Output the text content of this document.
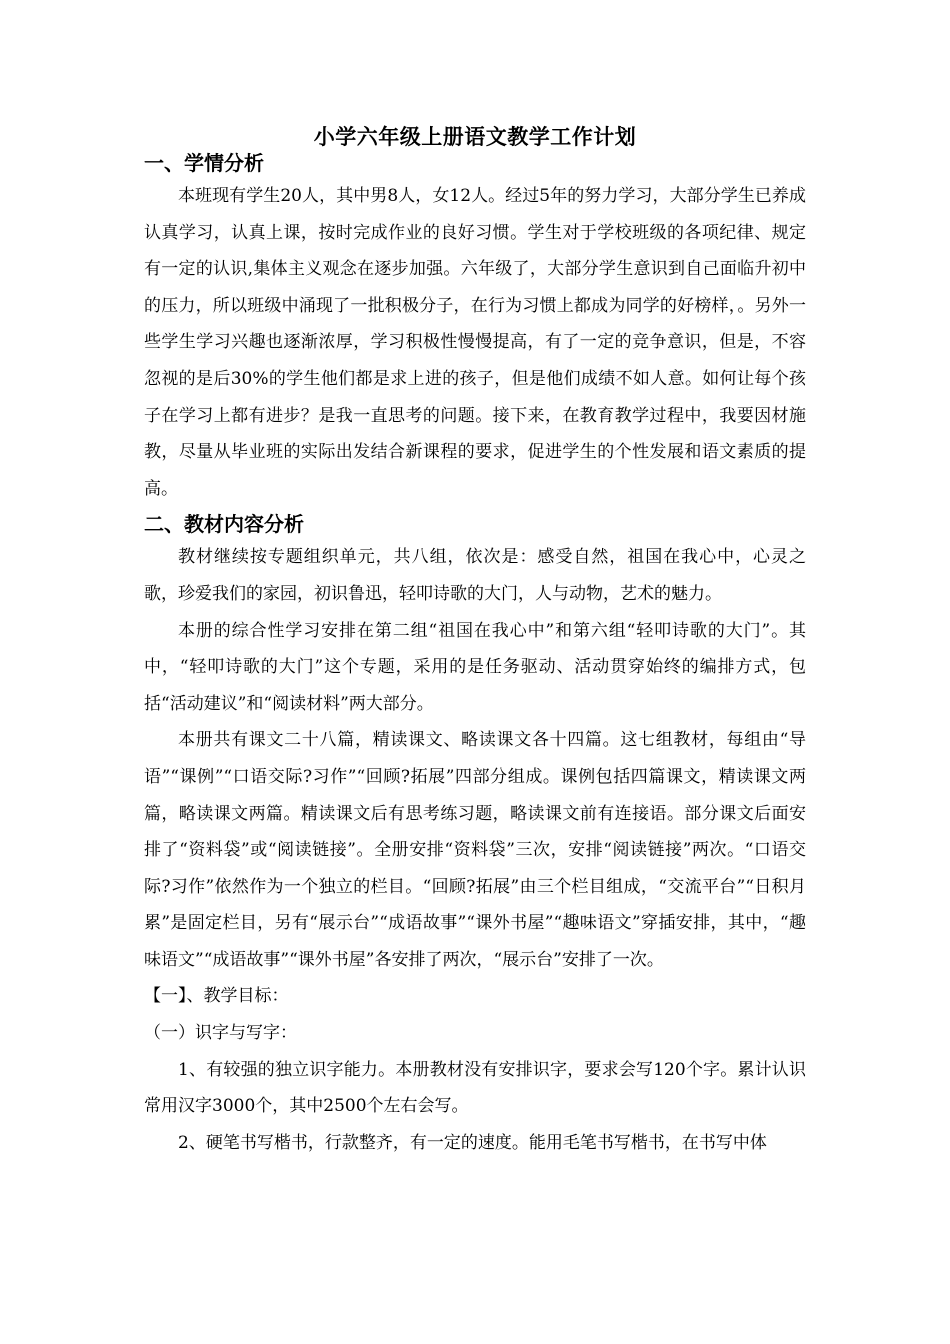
小学六年级上册语文教学工作计划
一、学情分析

本班现有学生20人，其中男8人，女12人。经过5年的努力学习，大部分学生已养成认真学习，认真上课，按时完成作业的良好习惯。学生对于学校班级的各项纪律、规定有一定的认识,集体主义观念在逐步加强。六年级了，大部分学生意识到自己面临升初中的压力，所以班级中涌现了一批积极分子，在行为习惯上都成为同学的好榜样，。另外一些学生学习兴趣也逐渐浓厚，学习积极性慢慢提高，有了一定的竞争意识，但是，不容忽视的是后30%的学生他们都是求上进的孩子，但是他们成绩不如人意。如何让每个孩子在学习上都有进步？是我一直思考的问题。接下来，在教育教学过程中，我要因材施教，尽量从毕业班的实际出发结合新课程的要求，促进学生的个性发展和语文素质的提高。

二、教材内容分析

教材继续按专题组织单元，共八组，依次是：感受自然，祖国在我心中，心灵之歌，珍爱我们的家园，初识鲁迅，轻叩诗歌的大门，人与动物，艺术的魅力。

本册的综合性学习安排在第二组“祖国在我心中”和第六组“轻叩诗歌的大门”。其中，“轻叩诗歌的大门”这个专题，采用的是任务驱动、活动贯穿始终的编排方式，包括“活动建议”和“阅读材料”两大部分。

本册共有课文二十八篇，精读课文、略读课文各十四篇。这七组教材，每组由“导语”“课例”“口语交际?习作”“回顾?拓展”四部分组成。课例包括四篇课文，精读课文两篇，略读课文两篇。精读课文后有思考练习题，略读课文前有连接语。部分课文后面安排了“资料袋”或“阅读链接”。全册安排“资料袋”三次，安排“阅读链接”两次。“口语交际?习作”依然作为一个独立的栏目。“回顾?拓展”由三个栏目组成，“交流平台”“日积月累”是固定栏目，另有“展示台”“成语故事”“课外书屋”“趣味语文”穿插安排，其中，“趣味语文”“成语故事”“课外书屋”各安排了两次，“展示台”安排了一次。

【一】、教学目标：

（一）识字与写字：

1、有较强的独立识字能力。本册教材没有安排识字，要求会写120个字。累计认识常用汉字3000个，其中2500个左右会写。

2、硬笔书写楷书，行款整齐，有一定的速度。能用毛笔书写楷书，在书写中体
